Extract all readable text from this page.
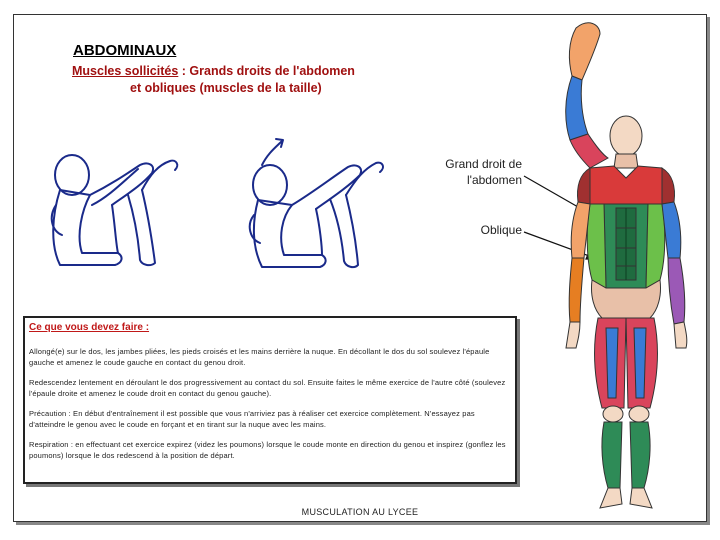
ABDOMINAUX
Muscles sollicités : Grands droits de l'abdomen
et obliques (muscles de la taille)
Grand droit de
l'abdomen
Oblique

Ce que vous devez faire :

Allongé(e) sur le dos, les jambes pliées, les pieds croisés et les mains derrière la nuque. En décollant le dos du sol soulevez l'épaule gauche et amenez le coude gauche en contact du genou droit.

Redescendez lentement en déroulant le dos progressivement au contact du sol. Ensuite faites le même exercice de l'autre côté (soulevez l'épaule droite et amenez le coude droit en contact du genou gauche).

Précaution : En début d'entraînement il est possible que vous n'arriviez pas à réaliser cet exercice complètement. N'essayez pas d'atteindre le genou avec le coude en forçant et en tirant sur la nuque avec les mains.

Respiration : en effectuant cet exercice expirez (videz les poumons) lorsque le coude monte en direction du genou et inspirez (gonflez les poumons) lorsque le dos redescend à la position de départ.

MUSCULATION AU LYCEE
